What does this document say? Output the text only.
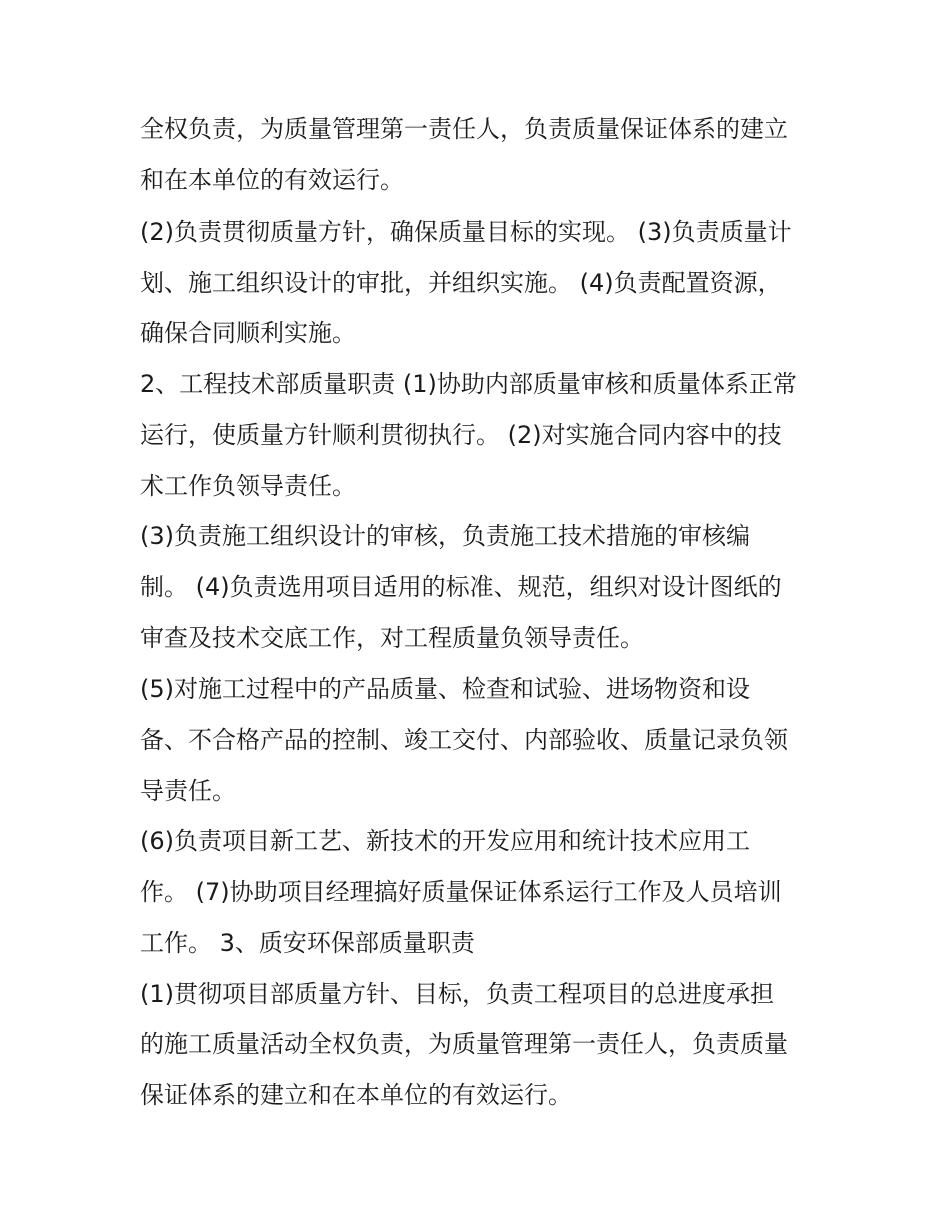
全权负责，为质量管理第一责任人，负责质量保证体系的建立

和在本单位的有效运行。

(2)负责贯彻质量方针，确保质量目标的实现。 (3)负责质量计

划、施工组织设计的审批，并组织实施。 (4)负责配置资源，

确保合同顺利实施。

2、工程技术部质量职责 (1)协助内部质量审核和质量体系正常

运行，使质量方针顺利贯彻执行。 (2)对实施合同内容中的技

术工作负领导责任。

(3)负责施工组织设计的审核，负责施工技术措施的审核编

制。 (4)负责选用项目适用的标准、规范，组织对设计图纸的

审查及技术交底工作，对工程质量负领导责任。

(5)对施工过程中的产品质量、检查和试验、进场物资和设

备、不合格产品的控制、竣工交付、内部验收、质量记录负领

导责任。

(6)负责项目新工艺、新技术的开发应用和统计技术应用工

作。 (7)协助项目经理搞好质量保证体系运行工作及人员培训

工作。 3、质安环保部质量职责

(1)贯彻项目部质量方针、目标，负责工程项目的总进度承担

的施工质量活动全权负责，为质量管理第一责任人，负责质量

保证体系的建立和在本单位的有效运行。
